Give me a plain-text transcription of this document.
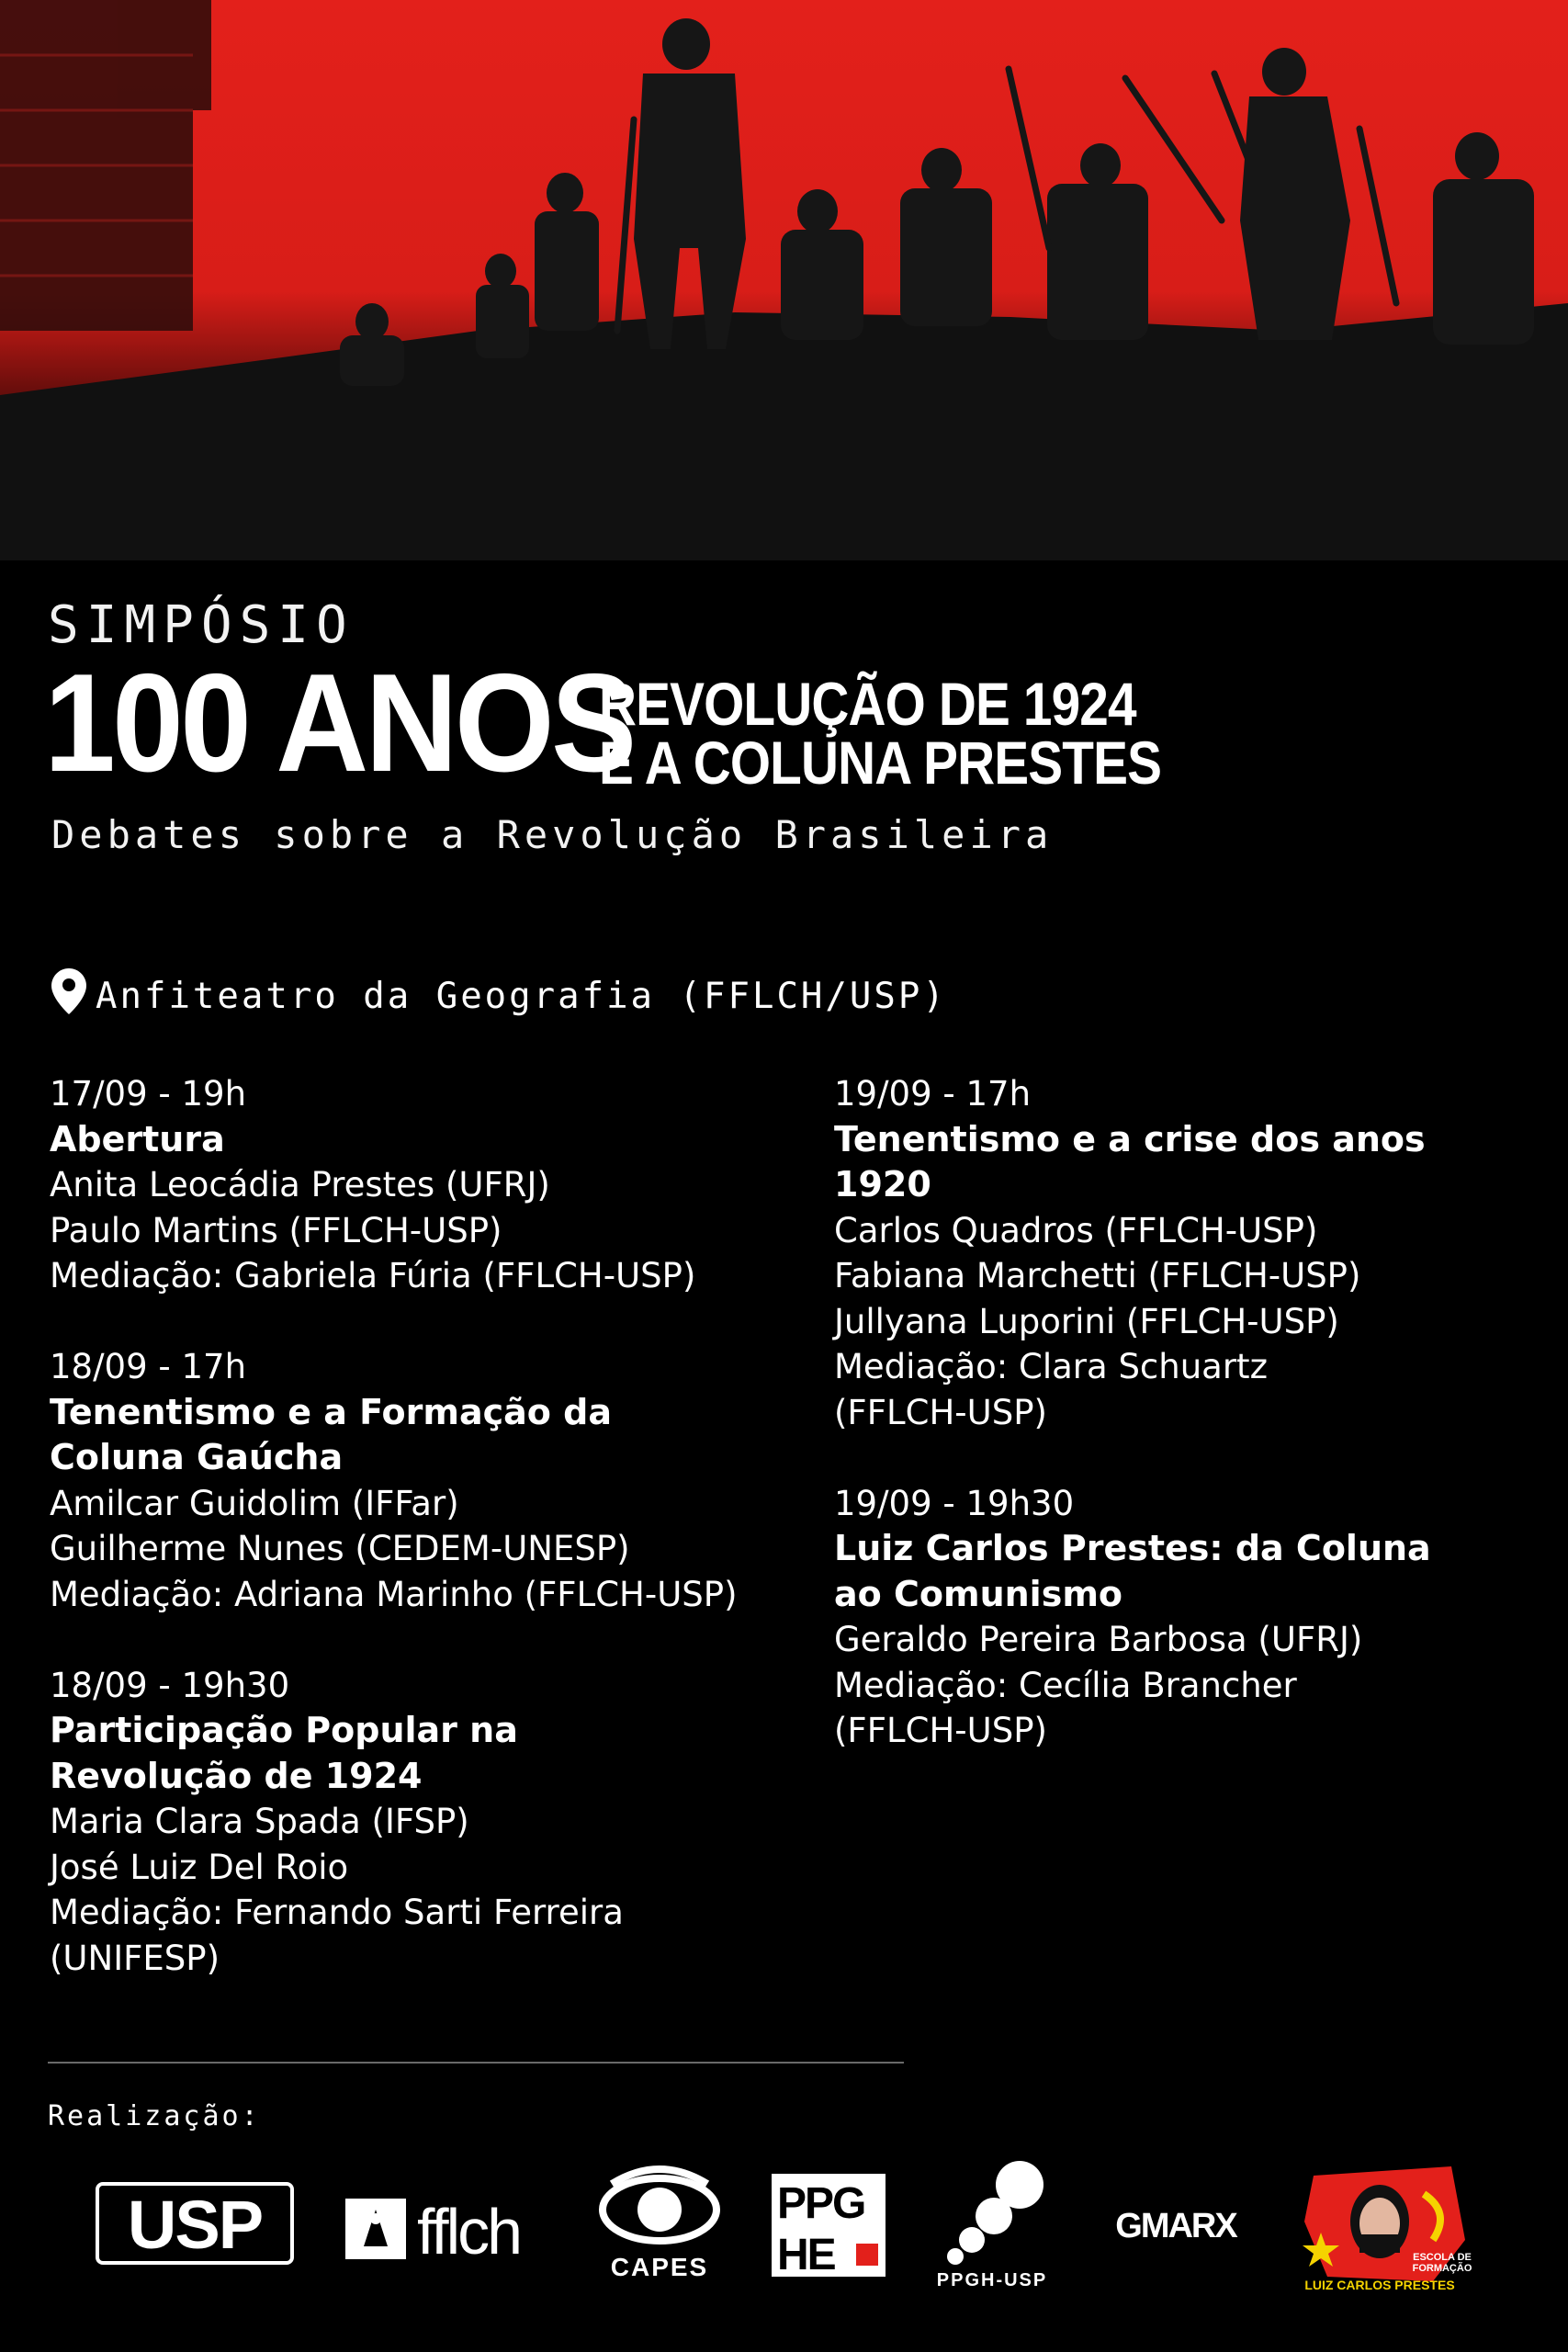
SIMPÓSIO
100 ANOS
REVOLUÇÃO DE 1924
E A COLUNA PRESTES
Debates sobre a Revolução Brasileira
Anfiteatro da Geografia (FFLCH/USP)
17/09 - 19h
Abertura
Anita Leocádia Prestes (UFRJ)
Paulo Martins (FFLCH-USP)
Mediação: Gabriela Fúria (FFLCH-USP)
18/09 - 17h
Tenentismo e a Formação da
Coluna Gaúcha
Amilcar Guidolim (IFFar)
Guilherme Nunes (CEDEM-UNESP)
Mediação: Adriana Marinho (FFLCH-USP)
18/09 - 19h30
Participação Popular na
Revolução de 1924
Maria Clara Spada (IFSP)
José Luiz Del Roio
Mediação: Fernando Sarti Ferreira
(UNIFESP)
19/09 - 17h
Tenentismo e a crise dos anos
1920
Carlos Quadros (FFLCH-USP)
Fabiana Marchetti (FFLCH-USP)
Jullyana Luporini (FFLCH-USP)
Mediação: Clara Schuartz
(FFLCH-USP)
19/09 - 19h30
Luiz Carlos Prestes: da Coluna
ao Comunismo
Geraldo Pereira Barbosa (UFRJ)
Mediação: Cecília Brancher
(FFLCH-USP)
Realização:
USP fflch	CAPES
PPG
HE
PPGH-USP
GMARX
ESCOLA DE
FORMAÇÃO
LUIZ CARLOS PRESTES
